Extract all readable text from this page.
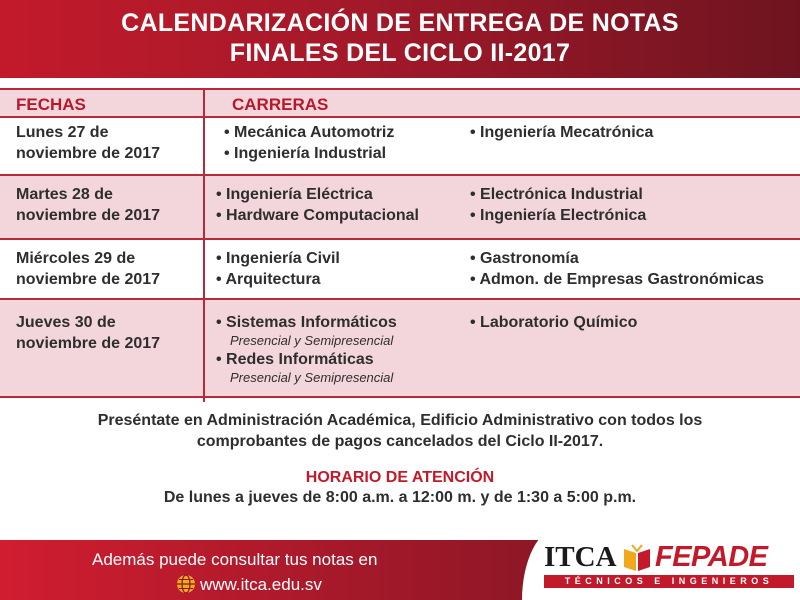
CALENDARIZACIÓN DE ENTREGA DE NOTAS
FINALES DEL CICLO II-2017
FECHAS	CARRERAS
Lunes 27 de
noviembre de 2017
• Mecánica Automotriz
• Ingeniería Industrial
• Ingeniería Mecatrónica
Martes 28 de
noviembre de 2017
• Ingeniería Eléctrica
• Hardware Computacional
• Electrónica Industrial
• Ingeniería Electrónica
Miércoles 29 de
noviembre de 2017
• Ingeniería Civil
• Arquitectura
• Gastronomía
• Admon. de Empresas Gastronómicas
Jueves 30 de
noviembre de 2017
• Sistemas Informáticos
Presencial y Semipresencial
• Redes Informáticas
Presencial y Semipresencial
• Laboratorio Químico
Preséntate en Administración Académica, Edificio Administrativo con todos los
comprobantes de pagos cancelados del Ciclo II-2017.
HORARIO DE ATENCIÓN
De lunes a jueves de 8:00 a.m. a 12:00 m. y de 1:30 a 5:00 p.m.
Además puede consultar tus notas en
www.itca.edu.sv
ITCA FEPADE
TÉCNICOS E INGENIEROS
